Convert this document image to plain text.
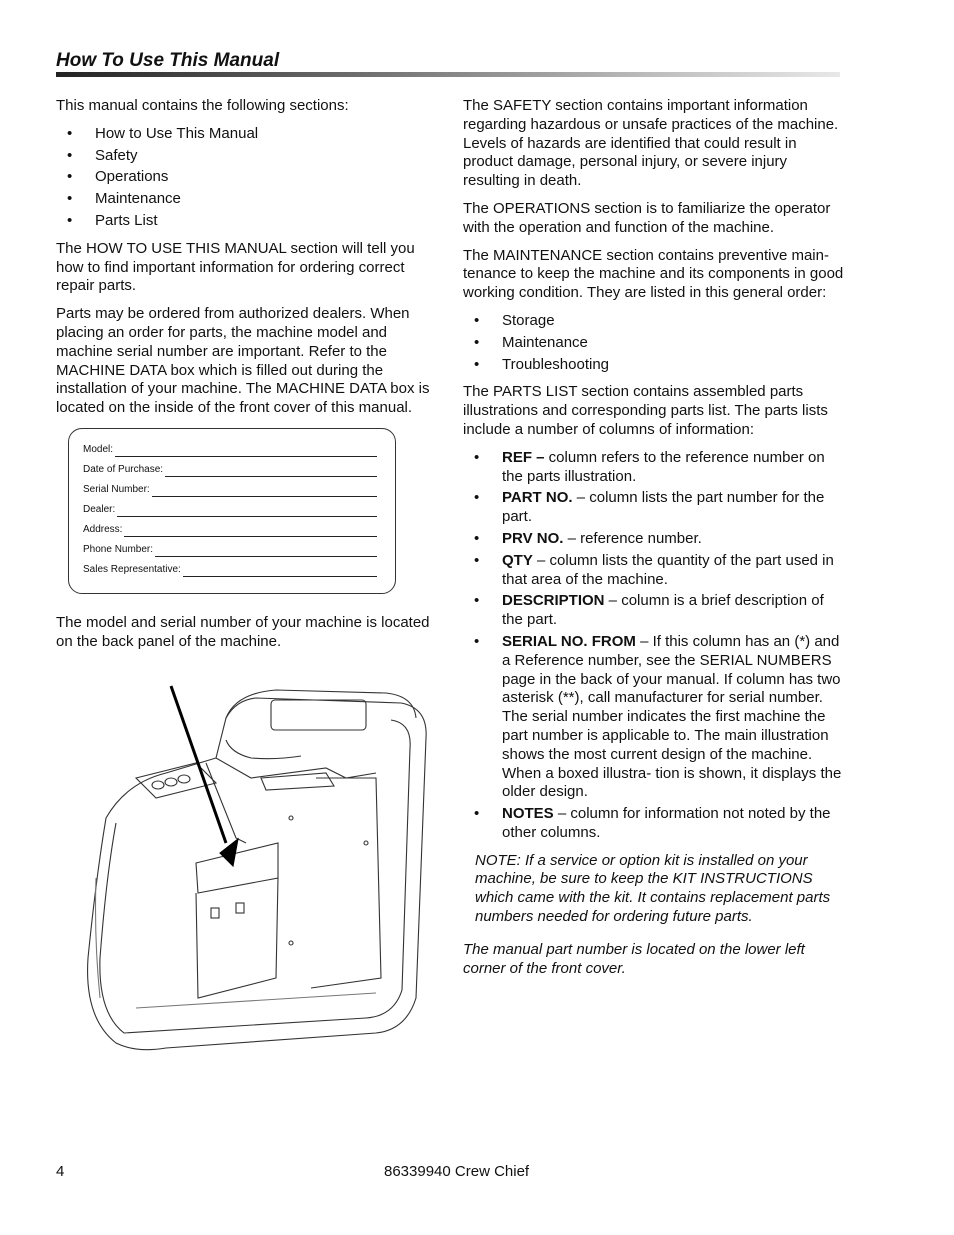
How To Use This Manual

This manual contains the following sections:

• How to Use This Manual
• Safety
• Operations
• Maintenance
• Parts List

The HOW TO USE THIS MANUAL section will tell you how to find important information for ordering correct repair parts.

Parts may be ordered from authorized dealers. When placing an order for parts, the machine model and machine serial number are important. Refer to the MACHINE DATA box which is filled out during the installation of your machine. The MACHINE DATA box is located on the inside of the front cover of this manual.

Model:
Date of Purchase:
Serial Number:
Dealer:
Address:
Phone Number:
Sales Representative:

The model and serial number of your machine is located on the back panel of the machine.

The SAFETY section contains important information regarding hazardous or unsafe practices of the machine. Levels of hazards are identified that could result in product damage, personal injury, or severe injury resulting in death.

The OPERATIONS section is to familiarize the operator with the operation and function of the machine.

The MAINTENANCE section contains preventive main- tenance to keep the machine and its components in good working condition. They are listed in this general order:

• Storage
• Maintenance
• Troubleshooting

The PARTS LIST section contains assembled parts illustrations and corresponding parts list. The parts lists include a number of columns of information:

• REF – column refers to the reference number on the parts illustration.
• PART NO. – column lists the part number for the part.
• PRV NO. – reference number.
• QTY – column lists the quantity of the part used in that area of the machine.
• DESCRIPTION – column is a brief description of the part.
• SERIAL NO. FROM – If this column has an (*) and a Reference number, see the SERIAL NUMBERS page in the back of your manual. If column has two asterisk (**), call manufacturer for serial number. The serial number indicates the first machine the part number is applicable to. The main illustration shows the most current design of the machine. When a boxed illustra- tion is shown, it displays the older design.
• NOTES – column for information not noted by the other columns.

NOTE: If a service or option kit is installed on your machine, be sure to keep the KIT INSTRUCTIONS which came with the kit. It contains replacement parts numbers needed for ordering future parts.

The manual part number is located on the lower left corner of the front cover.

4	86339940 Crew Chief
